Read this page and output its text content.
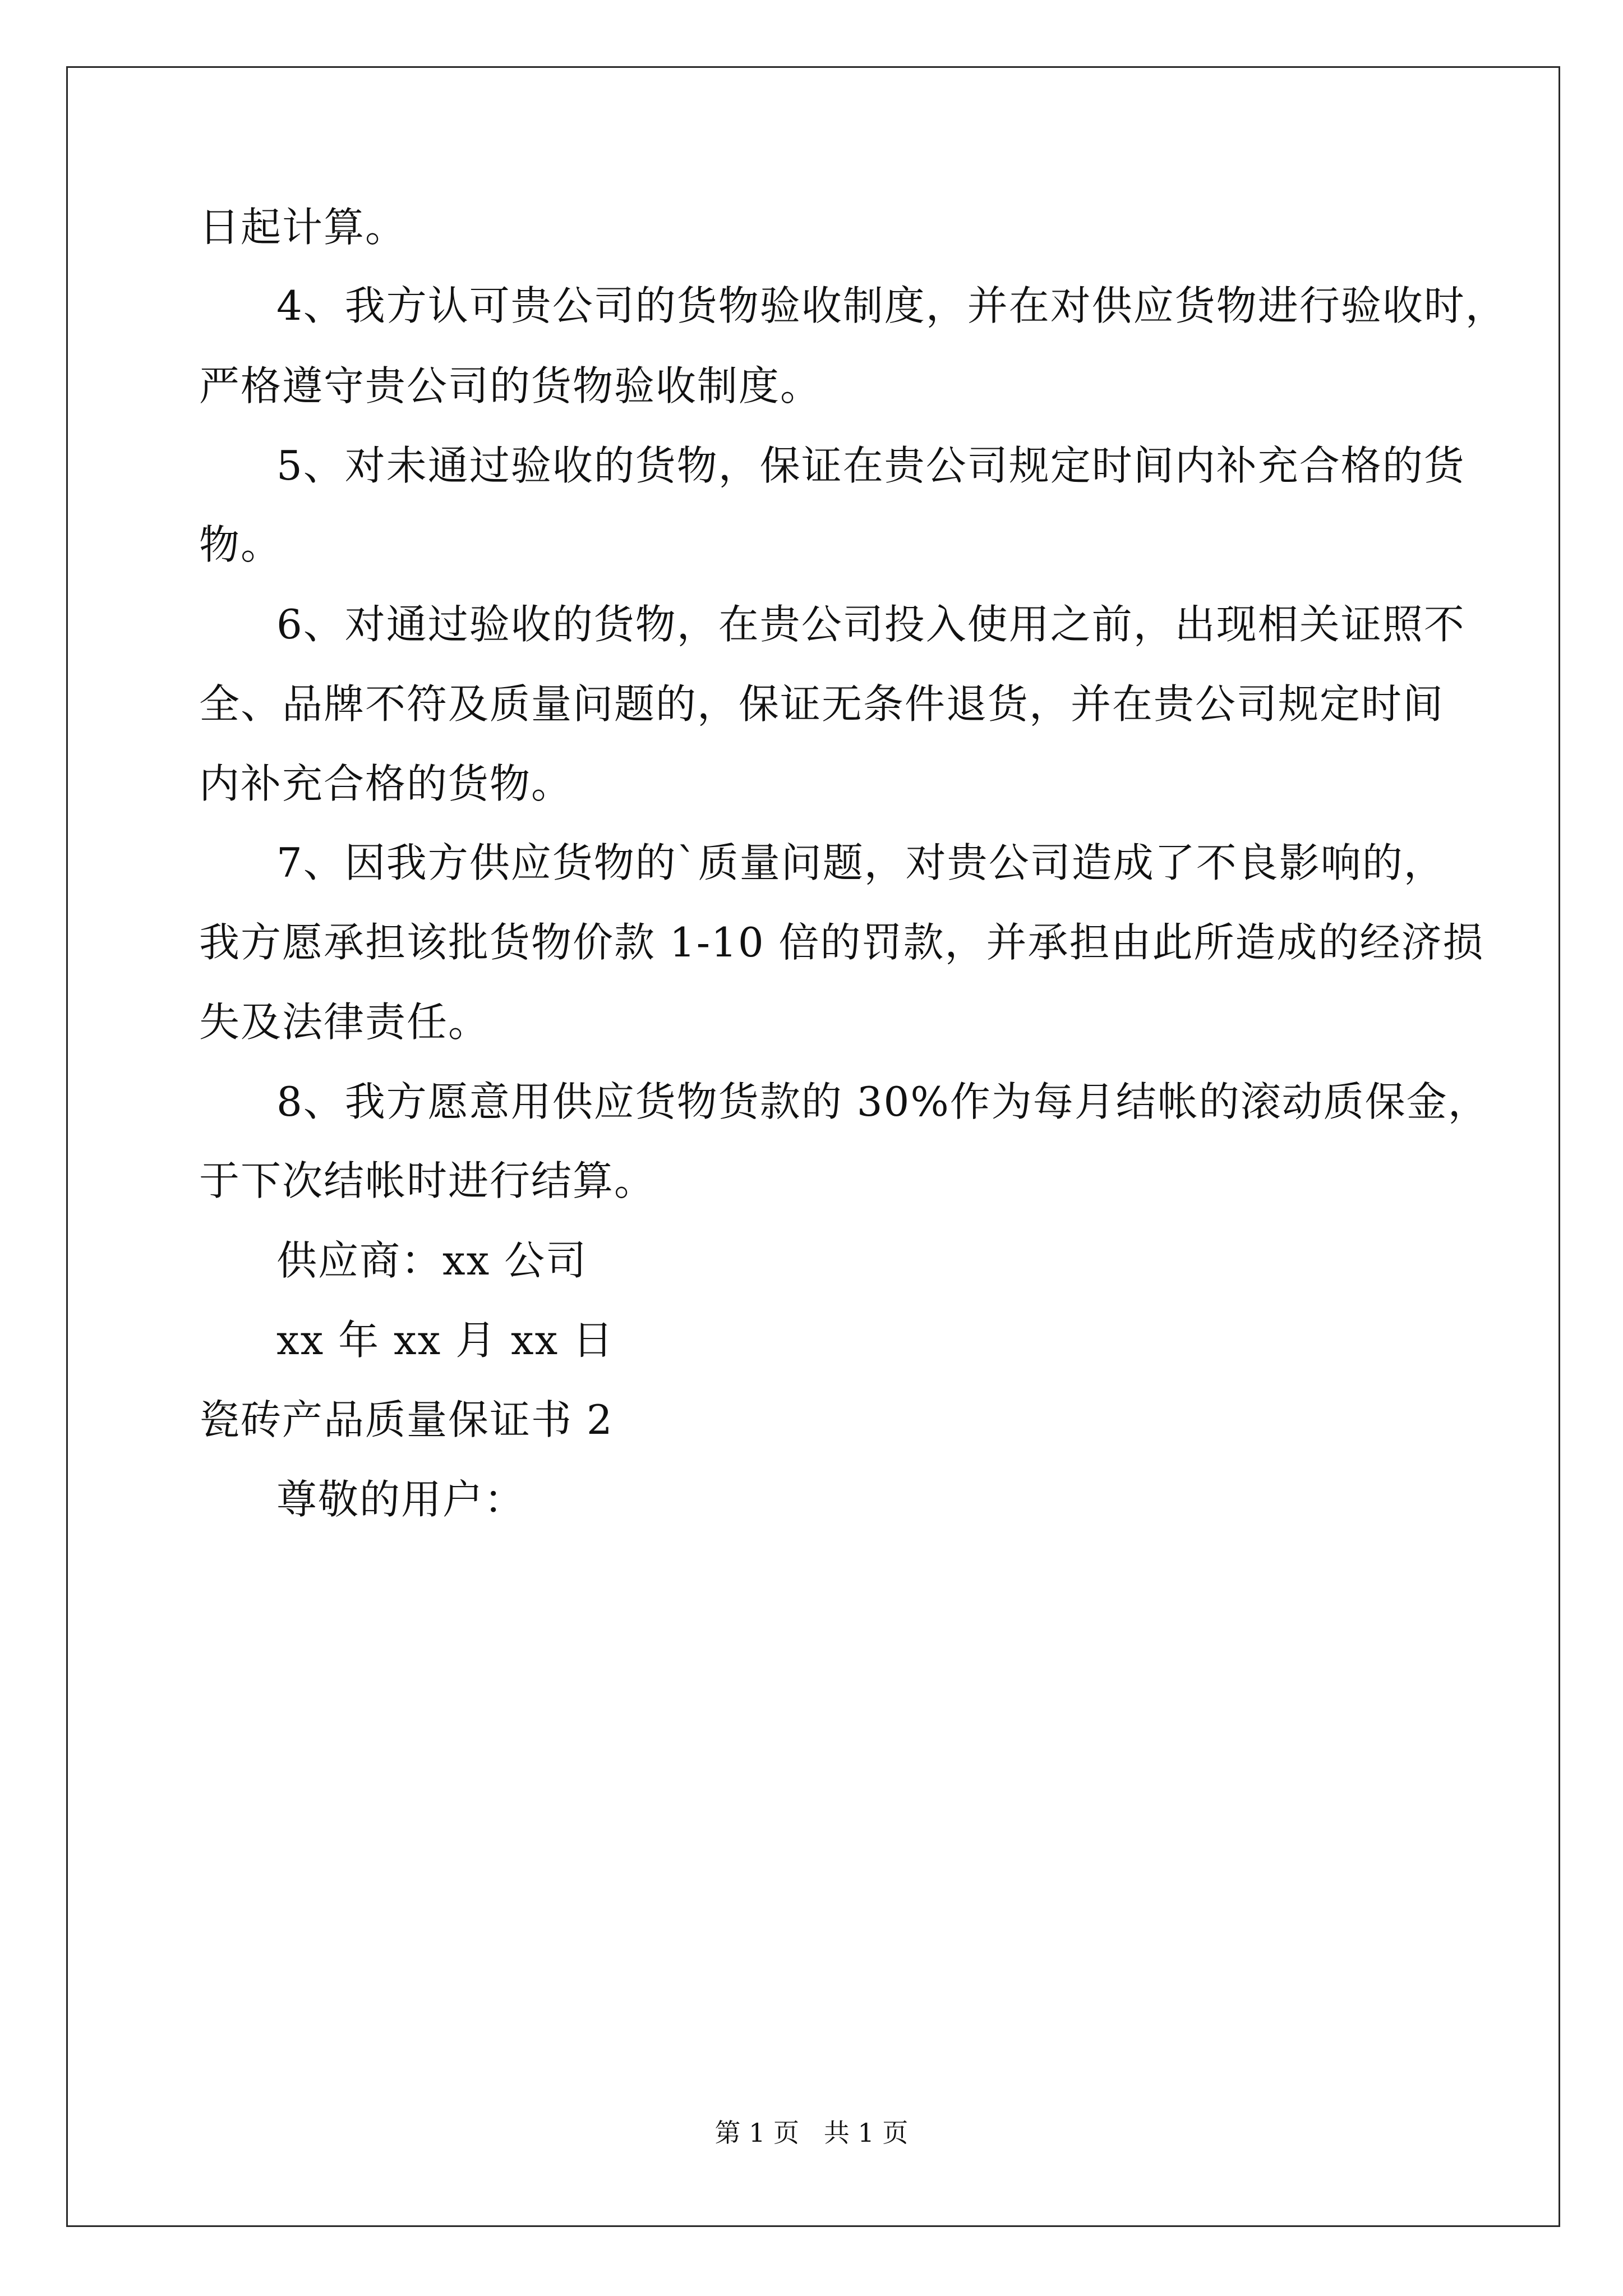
日起计算。
4、我方认可贵公司的货物验收制度，并在对供应货物进行验收时，
严格遵守贵公司的货物验收制度。
5、对未通过验收的货物，保证在贵公司规定时间内补充合格的货
物。
6、对通过验收的货物，在贵公司投入使用之前，出现相关证照不
全、品牌不符及质量问题的，保证无条件退货，并在贵公司规定时间
内补充合格的货物。
7、因我方供应货物的`质量问题，对贵公司造成了不良影响的，
我方愿承担该批货物价款 1-10 倍的罚款，并承担由此所造成的经济损
失及法律责任。
8、我方愿意用供应货物货款的 30%作为每月结帐的滚动质保金，
于下次结帐时进行结算。
供应商：xx 公司
xx 年 xx 月 xx 日
瓷砖产品质量保证书 2
尊敬的用户：
第 1 页   共 1 页
